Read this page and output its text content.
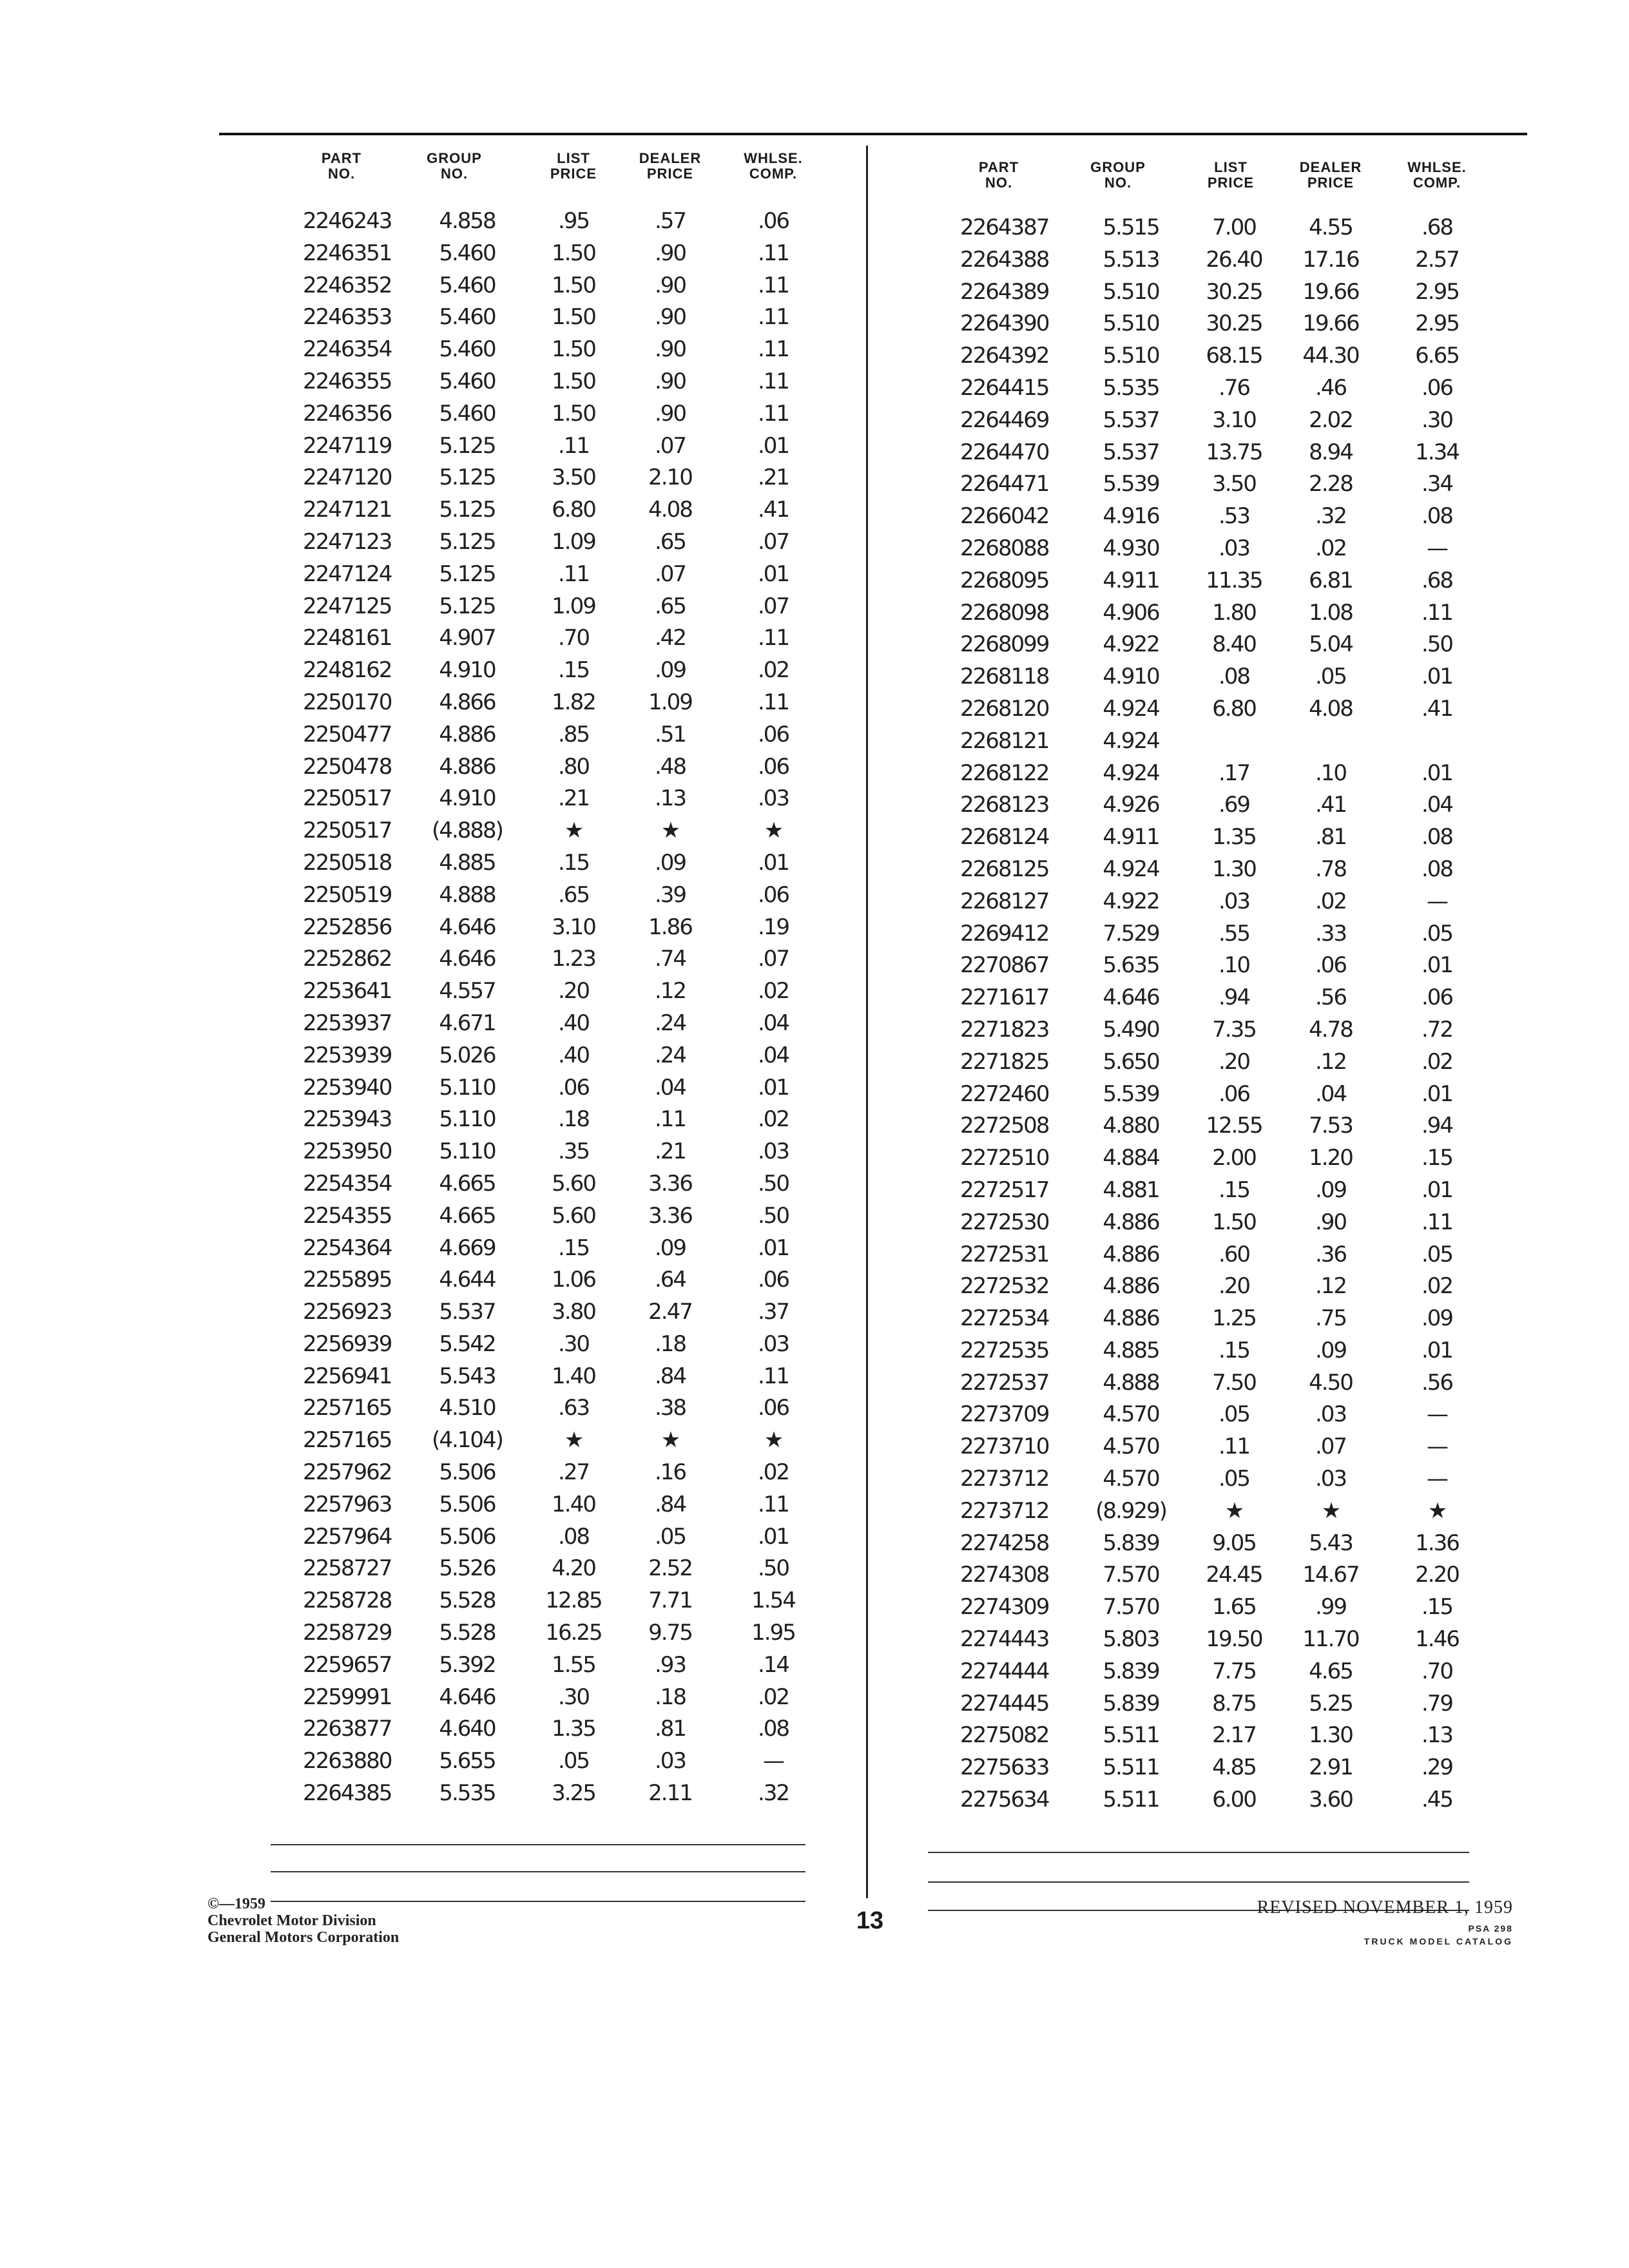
PART
NO.
GROUP
NO.
LIST
PRICE
DEALER
PRICE
WHLSE.
COMP.
2246243	4.858	.95	.57	.06
2246351	5.460	1.50	.90	.11
2246352	5.460	1.50	.90	.11
2246353	5.460	1.50	.90	.11
2246354	5.460	1.50	.90	.11
2246355	5.460	1.50	.90	.11
2246356	5.460	1.50	.90	.11
2247119	5.125	.11	.07	.01
2247120	5.125	3.50	2.10	.21
2247121	5.125	6.80	4.08	.41
2247123	5.125	1.09	.65	.07
2247124	5.125	.11	.07	.01
2247125	5.125	1.09	.65	.07
2248161	4.907	.70	.42	.11
2248162	4.910	.15	.09	.02
2250170	4.866	1.82	1.09	.11
2250477	4.886	.85	.51	.06
2250478	4.886	.80	.48	.06
2250517	4.910	.21	.13	.03
2250517	(4.888)	★	★	★
2250518	4.885	.15	.09	.01
2250519	4.888	.65	.39	.06
2252856	4.646	3.10	1.86	.19
2252862	4.646	1.23	.74	.07
2253641	4.557	.20	.12	.02
2253937	4.671	.40	.24	.04
2253939	5.026	.40	.24	.04
2253940	5.110	.06	.04	.01
2253943	5.110	.18	.11	.02
2253950	5.110	.35	.21	.03
2254354	4.665	5.60	3.36	.50
2254355	4.665	5.60	3.36	.50
2254364	4.669	.15	.09	.01
2255895	4.644	1.06	.64	.06
2256923	5.537	3.80	2.47	.37
2256939	5.542	.30	.18	.03
2256941	5.543	1.40	.84	.11
2257165	4.510	.63	.38	.06
2257165	(4.104)	★	★	★
2257962	5.506	.27	.16	.02
2257963	5.506	1.40	.84	.11
2257964	5.506	.08	.05	.01
2258727	5.526	4.20	2.52	.50
2258728	5.528	12.85	7.71	1.54
2258729	5.528	16.25	9.75	1.95
2259657	5.392	1.55	.93	.14
2259991	4.646	.30	.18	.02
2263877	4.640	1.35	.81	.08
2263880	5.655	.05	.03	—
2264385	5.535	3.25	2.11	.32
PART
NO.
GROUP
NO.
LIST
PRICE
DEALER
PRICE
WHLSE.
COMP.
2264387	5.515	7.00	4.55	.68
2264388	5.513	26.40	17.16	2.57
2264389	5.510	30.25	19.66	2.95
2264390	5.510	30.25	19.66	2.95
2264392	5.510	68.15	44.30	6.65
2264415	5.535	.76	.46	.06
2264469	5.537	3.10	2.02	.30
2264470	5.537	13.75	8.94	1.34
2264471	5.539	3.50	2.28	.34
2266042	4.916	.53	.32	.08
2268088	4.930	.03	.02	—
2268095	4.911	11.35	6.81	.68
2268098	4.906	1.80	1.08	.11
2268099	4.922	8.40	5.04	.50
2268118	4.910	.08	.05	.01
2268120	4.924	6.80	4.08	.41
2268121	4.924
2268122	4.924	.17	.10	.01
2268123	4.926	.69	.41	.04
2268124	4.911	1.35	.81	.08
2268125	4.924	1.30	.78	.08
2268127	4.922	.03	.02	—
2269412	7.529	.55	.33	.05
2270867	5.635	.10	.06	.01
2271617	4.646	.94	.56	.06
2271823	5.490	7.35	4.78	.72
2271825	5.650	.20	.12	.02
2272460	5.539	.06	.04	.01
2272508	4.880	12.55	7.53	.94
2272510	4.884	2.00	1.20	.15
2272517	4.881	.15	.09	.01
2272530	4.886	1.50	.90	.11
2272531	4.886	.60	.36	.05
2272532	4.886	.20	.12	.02
2272534	4.886	1.25	.75	.09
2272535	4.885	.15	.09	.01
2272537	4.888	7.50	4.50	.56
2273709	4.570	.05	.03	—
2273710	4.570	.11	.07	—
2273712	4.570	.05	.03	—
2273712	(8.929)	★	★	★
2274258	5.839	9.05	5.43	1.36
2274308	7.570	24.45	14.67	2.20
2274309	7.570	1.65	.99	.15
2274443	5.803	19.50	11.70	1.46
2274444	5.839	7.75	4.65	.70
2274445	5.839	8.75	5.25	.79
2275082	5.511	2.17	1.30	.13
2275633	5.511	4.85	2.91	.29
2275634	5.511	6.00	3.60	.45
©—1959
Chevrolet Motor Division
General Motors Corporation
13	REVISED NOVEMBER 1, 1959
PSA 298
TRUCK MODEL CATALOG
